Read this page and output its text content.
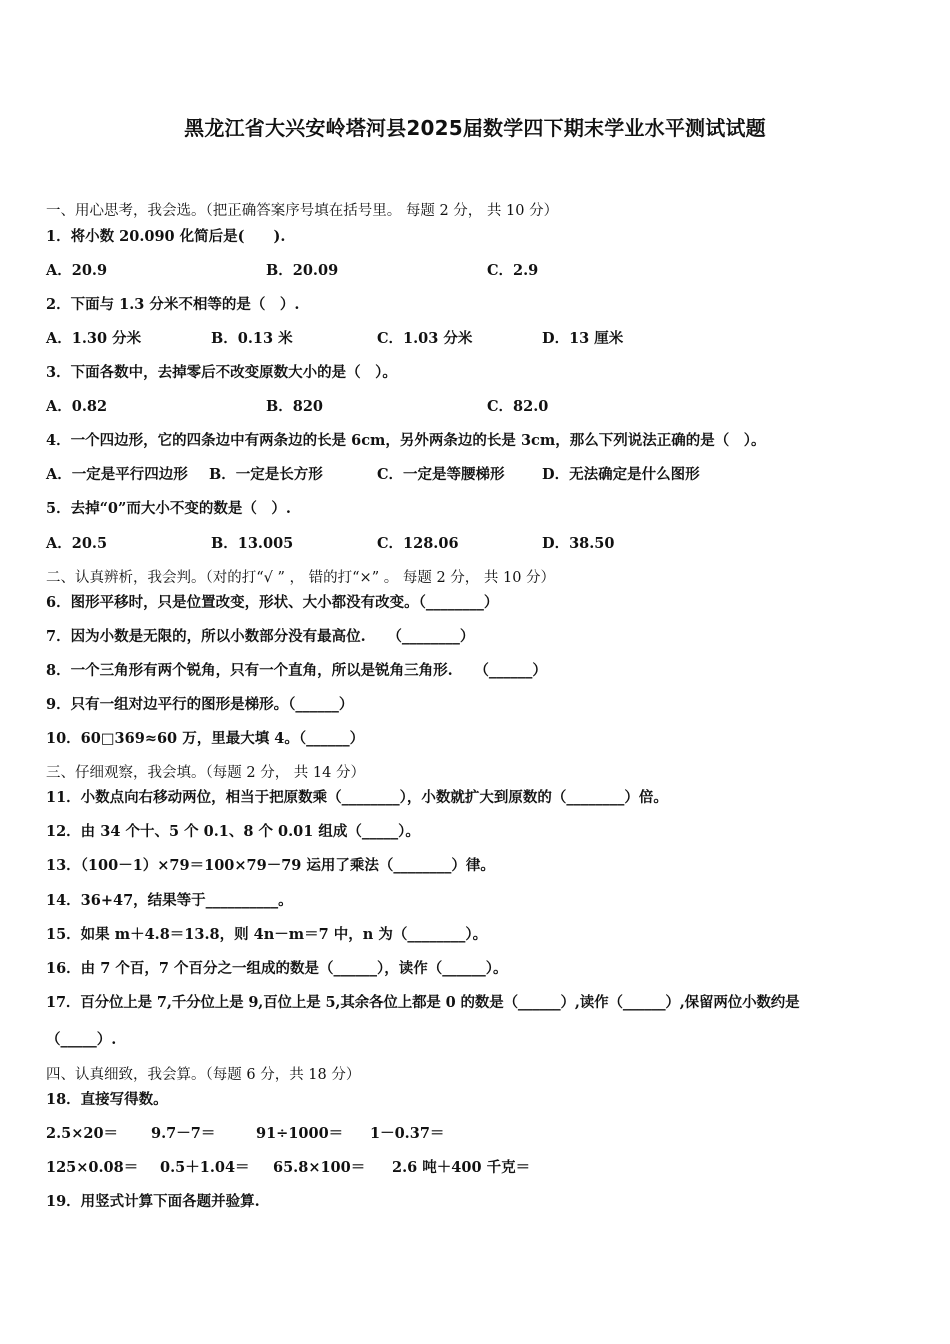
黑龙江省大兴安岭塔河县2025届数学四下期末学业水平测试试题
一、用心思考，我会选。（把正确答案序号填在括号里。 每题 2 分， 共 10 分）
1．将小数 20.090 化简后是(　　).
A．20.9	B．20.09	C．2.9
2．下面与 1.3 分米不相等的是（　）.
A．1.30 分米	B．0.13 米	C．1.03 分米	D．13 厘米
3．下面各数中，去掉零后不改变原数大小的是（　）。
A．0.82	B．820	C．82.0
4．一个四边形，它的四条边中有两条边的长是 6cm，另外两条边的长是 3cm，那么下列说法正确的是（　）。
A．一定是平行四边形 B．一定是长方形	C．一定是等腰梯形	D．无法确定是什么图形
5．去掉“0”而大小不变的数是（　）.
A．20.5	B．13.005	C．128.06	D．38.50
二、认真辨析，我会判。（对的打“√ ” ， 错的打“×” 。 每题 2 分， 共 10 分）
6．图形平移时，只是位置改变，形状、大小都没有改变。（________）
7．因为小数是无限的，所以小数部分没有最高位.　　（________）
8．一个三角形有两个锐角，只有一个直角，所以是锐角三角形.　　（______）
9．只有一组对边平行的图形是梯形。（______）
10．60□369≈60 万，里最大填 4。（______）
三、仔细观察，我会填。（每题 2 分， 共 14 分）
11．小数点向右移动两位，相当于把原数乘（________），小数就扩大到原数的（________）倍。
12．由 34 个十、5 个 0.1、8 个 0.01 组成（_____）。
13．（100－1）×79＝100×79－79 运用了乘法（________）律。
14．36+47，结果等于__________。
15．如果 m＋4.8＝13.8，则 4n－m＝7 中，n 为（________）。
16．由 7 个百，7 个百分之一组成的数是（______），读作（______）。
17．百分位上是 7,千分位上是 9,百位上是 5,其余各位上都是 0 的数是（______）,读作（______）,保留两位小数约是
（_____）.
四、认真细致，我会算。（每题 6 分，共 18 分）
18．直接写得数。
2.5×20＝ 9.7－7＝	91÷1000＝ 1－0.37＝
125×0.08＝ 0.5＋1.04＝ 65.8×100＝ 2.6 吨＋400 千克＝
19．用竖式计算下面各题并验算.
